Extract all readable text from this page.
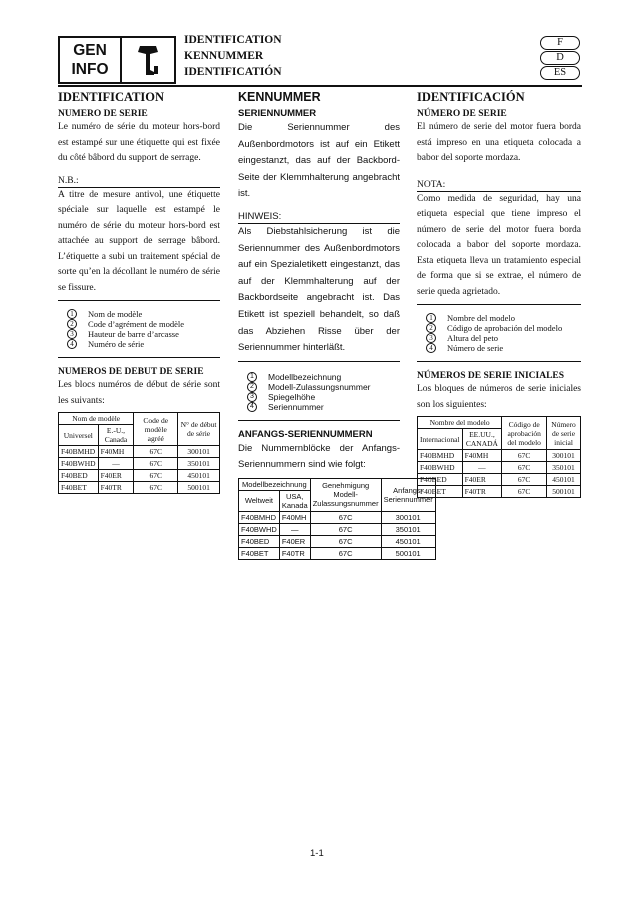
GEN
INFO
IDENTIFICATION
KENNUMMER
IDENTIFICATIÓN
F
D
ES
IDENTIFICATION
NUMERO DE SERIE

Le numéro de série du moteur hors-bord est estampé sur une étiquette qui est fixée du côté bâbord du support de serrage.

N.B.:

A titre de mesure antivol, une étiquette spéciale sur laquelle est estampé le numéro de série du moteur hors-bord est attachée au support de serrage bâbord. L’étiquette a subi un traitement spécial de sorte qu’en la décollant le numéro de série se fissure.

1	Nom de modèle
2	Code d’agrément de modèle
3	Hauteur de barre d’arcasse
4	Numéro de série
NUMEROS DE DEBUT DE SERIE

Les blocs numéros de début de série sont les suivants:

Nom de modèle		Code de modèle agréé	N° de début de série
Universel	E.-U., Canada		
F40BMHD	F40MH	67C	300101
F40BWHD	—	67C	350101
F40BED	F40ER	67C	450101
F40BET	F40TR	67C	500101
KENNUMMER
SERIENNUMMER

Die Seriennummer des Außenbordmotors ist auf ein Etikett eingestanzt, das auf der Backbord-Seite der Klemmhalterung angebracht ist.

HINWEIS:

Als Diebstahlsicherung ist die Seriennummer des Außenbordmotors auf ein Spezialetikett eingestanzt, das auf der Klemmhalterung auf der Backbordseite angebracht ist. Das Etikett ist speziell behandelt, so daß das Abziehen Risse über der Seriennummer hinterläßt.

1	Modellbezeichnung
2	Modell-Zulassungsnummer
3	Spiegelhöhe
4	Seriennummer
ANFANGS-SERIENNUMMERN

Die Nummernblöcke der Anfangs-Seriennummern sind wie folgt:

Modellbezeichnung		Genehmigung Modell-Zulassungsnummer	Anfangs-Seriennummer
Weltweit	USA, Kanada		
F40BMHD	F40MH	67C	300101
F40BWHD	—	67C	350101
F40BED	F40ER	67C	450101
F40BET	F40TR	67C	500101
IDENTIFICACIÓN
NÚMERO DE SERIE

El número de serie del motor fuera borda está impreso en una etiqueta colocada a babor del soporte mordaza.

NOTA:

Como medida de seguridad, hay una etiqueta especial que tiene impreso el número de serie del motor fuera borda colocada a babor del soporte mordaza. Esta etiqueta lleva un tratamiento especial de forma que si se extrae, el número de serie queda agrietado.

1	Nombre del modelo
2	Código de aprobación del modelo
3	Altura del peto
4	Número de serie
NÚMEROS DE SERIE INICIALES

Los bloques de números de serie iniciales son los siguientes:

Nombre del modelo		Código de aprobación del modelo	Número de serie inicial
Internacional	EE.UU., CANADÁ		
F40BMHD	F40MH	67C	300101
F40BWHD	—	67C	350101
F40BED	F40ER	67C	450101
F40BET	F40TR	67C	500101
1-1
